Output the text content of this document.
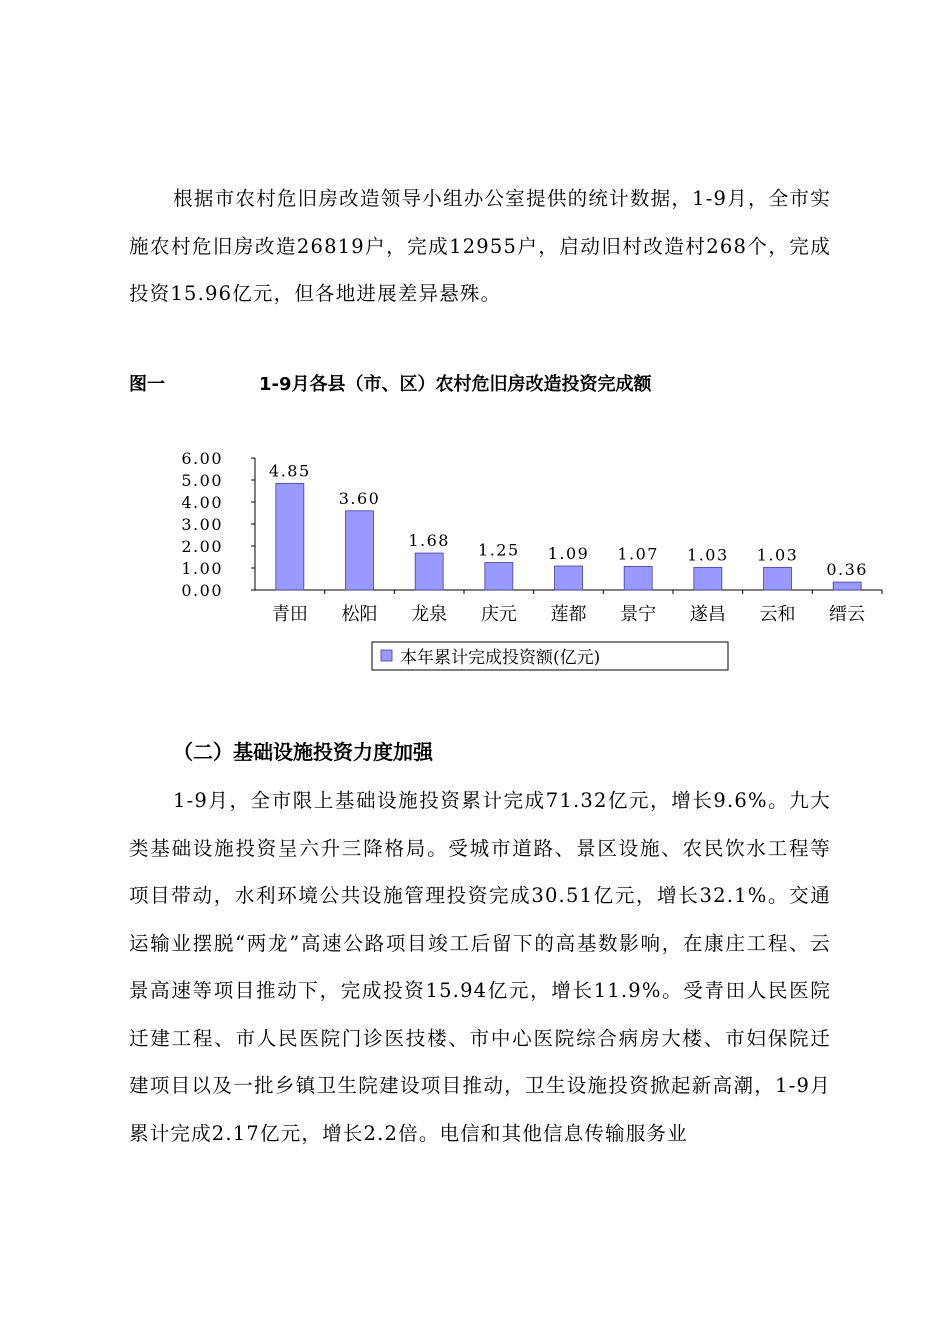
根据市农村危旧房改造领导小组办公室提供的统计数据，1-9月，全市实施农村危旧房改造26819户，完成12955户，启动旧村改造村268个，完成投资15.96亿元，但各地进展差异悬殊。

图一	1-9月各县（市、区）农村危旧房改造投资完成额
0.00
1.00
2.00
3.00
4.00
5.00
6.00
4.85
青田
3.60
松阳
1.68
龙泉
1.25
庆元
1.09
莲都
1.07
景宁
1.03
遂昌
1.03
云和
0.36
缙云
本年累计完成投资额(亿元)
（二）基础设施投资力度加强

1-9月，全市限上基础设施投资累计完成71.32亿元，增长9.6%。九大类基础设施投资呈六升三降格局。受城市道路、景区设施、农民饮水工程等项目带动，水利环境公共设施管理投资完成30.51亿元，增长32.1%。交通运输业摆脱“两龙”高速公路项目竣工后留下的高基数影响，在康庄工程、云景高速等项目推动下，完成投资15.94亿元，增长11.9%。受青田人民医院迁建工程、市人民医院门诊医技楼、市中心医院综合病房大楼、市妇保院迁建项目以及一批乡镇卫生院建设项目推动，卫生设施投资掀起新高潮，1-9月累计完成2.17亿元，增长2.2倍。电信和其他信息传输服务业
